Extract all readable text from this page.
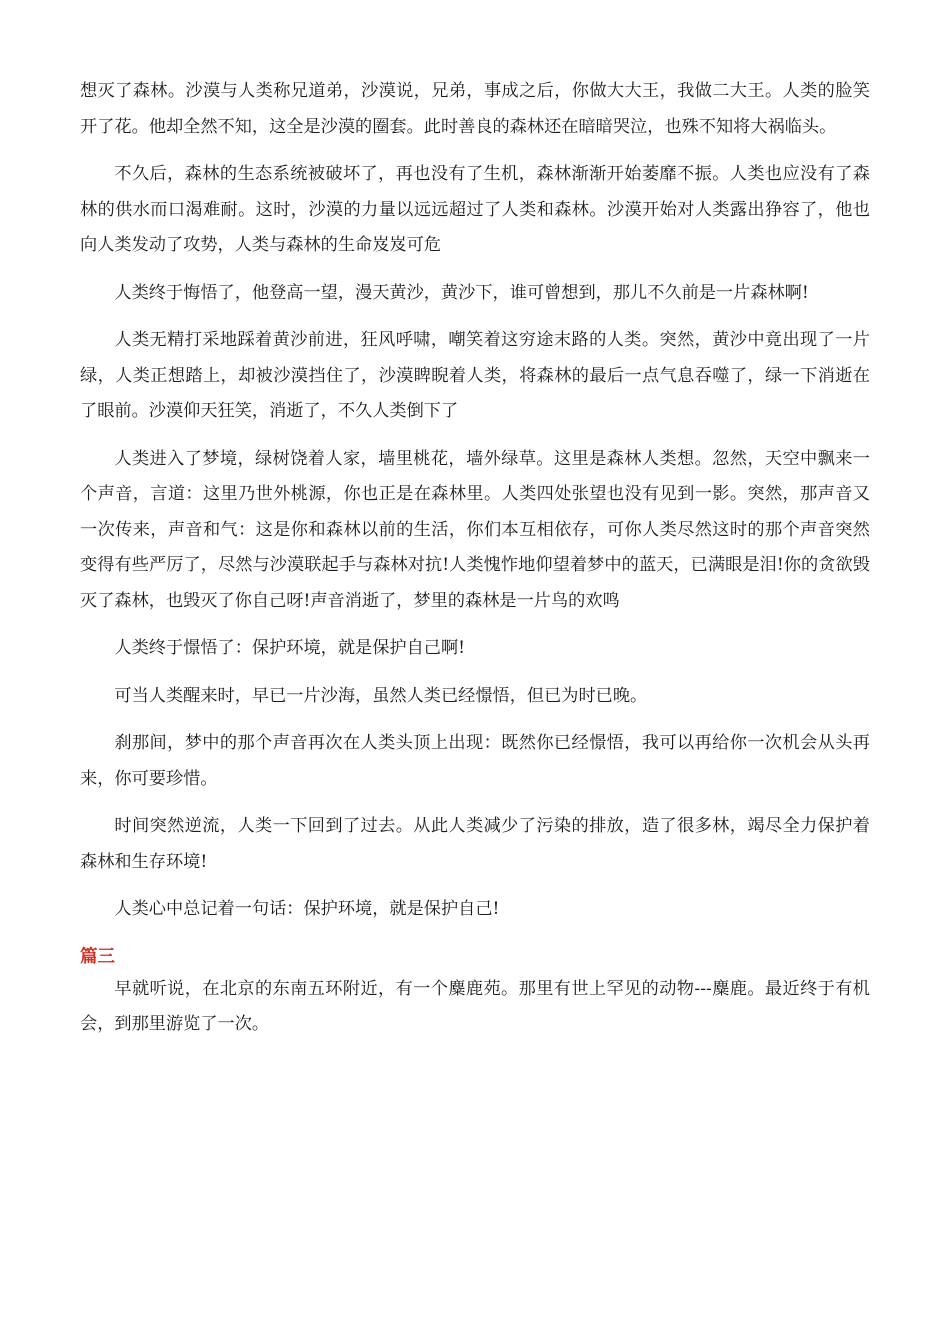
想灭了森林。沙漠与人类称兄道弟，沙漠说，兄弟，事成之后，你做大大王，我做二大王。人类的脸笑开了花。他却全然不知，这全是沙漠的圈套。此时善良的森林还在暗暗哭泣，也殊不知将大祸临头。

不久后，森林的生态系统被破坏了，再也没有了生机，森林渐渐开始萎靡不振。人类也应没有了森林的供水而口渴难耐。这时，沙漠的力量以远远超过了人类和森林。沙漠开始对人类露出狰容了，他也向人类发动了攻势，人类与森林的生命岌岌可危

人类终于悔悟了，他登高一望，漫天黄沙，黄沙下，谁可曾想到，那儿不久前是一片森林啊!

人类无精打采地踩着黄沙前进，狂风呼啸，嘲笑着这穷途末路的人类。突然，黄沙中竟出现了一片绿，人类正想踏上，却被沙漠挡住了，沙漠睥睨着人类，将森林的最后一点气息吞噬了，绿一下消逝在了眼前。沙漠仰天狂笑，消逝了，不久人类倒下了

人类进入了梦境，绿树饶着人家，墙里桃花，墙外绿草。这里是森林人类想。忽然，天空中飘来一个声音，言道：这里乃世外桃源，你也正是在森林里。人类四处张望也没有见到一影。突然，那声音又一次传来，声音和气：这是你和森林以前的生活，你们本互相依存，可你人类尽然这时的那个声音突然变得有些严厉了，尽然与沙漠联起手与森林对抗!人类愧怍地仰望着梦中的蓝天，已满眼是泪!你的贪欲毁灭了森林，也毁灭了你自己呀!声音消逝了，梦里的森林是一片鸟的欢鸣

人类终于憬悟了：保护环境，就是保护自己啊!

可当人类醒来时，早已一片沙海，虽然人类已经憬悟，但已为时已晚。

刹那间，梦中的那个声音再次在人类头顶上出现：既然你已经憬悟，我可以再给你一次机会从头再来，你可要珍惜。

时间突然逆流，人类一下回到了过去。从此人类减少了污染的排放，造了很多林，竭尽全力保护着森林和生存环境!

人类心中总记着一句话：保护环境，就是保护自己!

篇三

早就听说，在北京的东南五环附近，有一个麋鹿苑。那里有世上罕见的动物---麋鹿。最近终于有机会，到那里游览了一次。
